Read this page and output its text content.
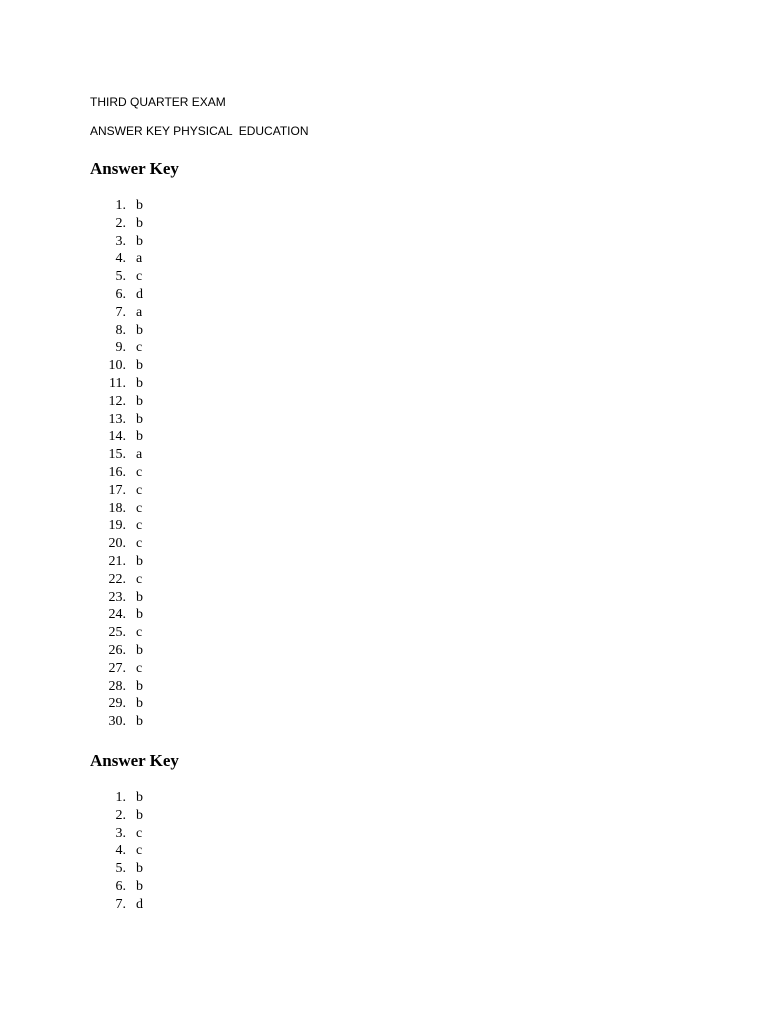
THIRD QUARTER EXAM
ANSWER KEY PHYSICAL  EDUCATION
Answer Key
1. b
2. b
3. b
4. a
5. c
6. d
7. a
8. b
9. c
10. b
11. b
12. b
13. b
14. b
15. a
16. c
17. c
18. c
19. c
20. c
21. b
22. c
23. b
24. b
25. c
26. b
27. c
28. b
29. b
30. b
Answer Key
1. b
2. b
3. c
4. c
5. b
6. b
7. d
